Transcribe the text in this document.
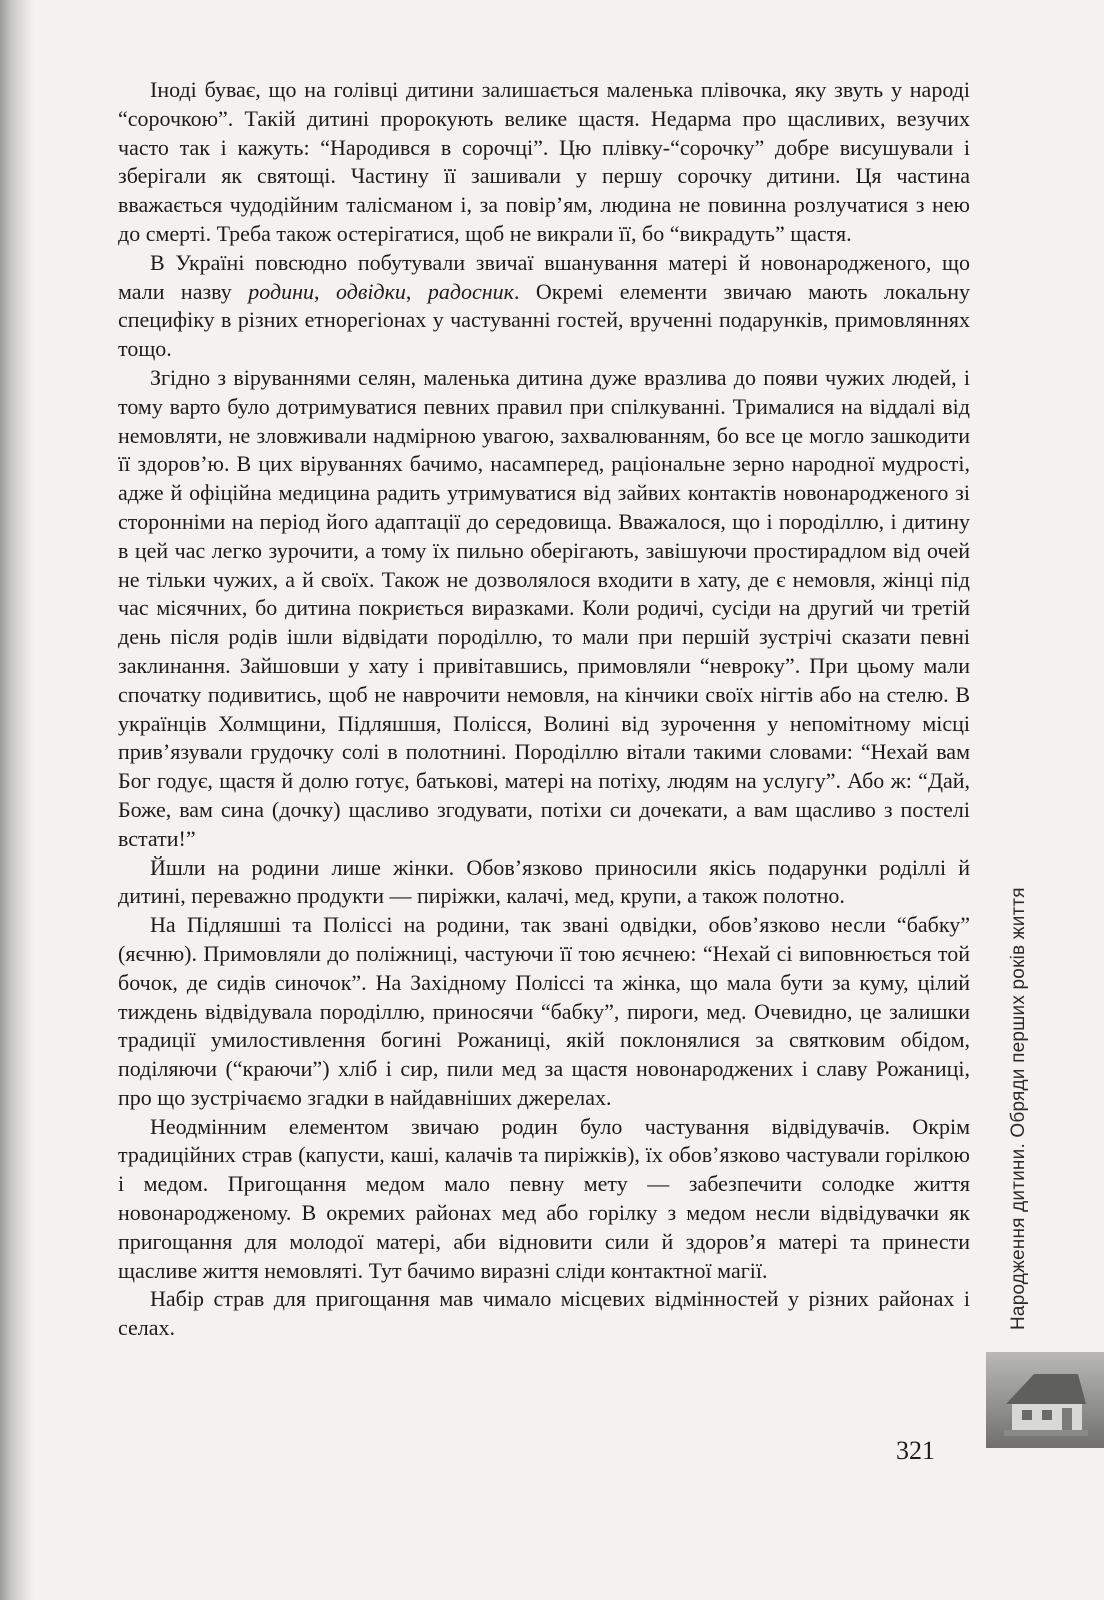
Іноді буває, що на голівці дитини залишається маленька плівочка, яку звуть у народі “сорочкою”. Такій дитині пророкують велике щастя. Недарма про щасливих, везучих часто так і кажуть: “Народився в сорочці”. Цю плівку-“сорочку” добре висушували і зберігали як святощі. Частину її зашивали у першу сорочку дитини. Ця частина вважається чудодійним талісманом і, за повір’ям, людина не повинна розлучатися з нею до смерті. Треба також остерігатися, щоб не викрали її, бо “викрадуть” щастя.

В Україні повсюдно побутували звичаї вшанування матері й новонародженого, що мали назву родини, одвідки, радосник. Окремі елементи звичаю мають локальну специфіку в різних етнорегіонах у частуванні гостей, врученні подарунків, примовляннях тощо.

Згідно з віруваннями селян, маленька дитина дуже вразлива до появи чужих людей, і тому варто було дотримуватися певних правил при спілкуванні. Трималися на віддалі від немовляти, не зловживали надмірною увагою, захвалюванням, бо все це могло зашкодити її здоров’ю. В цих віруваннях бачимо, насамперед, раціональне зерно народної мудрості, адже й офіційна медицина радить утримуватися від зайвих контактів новонародженого зі сторонніми на період його адаптації до середовища. Вважалося, що і породіллю, і дитину в цей час легко зурочити, а тому їх пильно оберігають, завішуючи простирадлом від очей не тільки чужих, а й своїх. Також не дозволялося входити в хату, де є немовля, жінці під час місячних, бо дитина покриється виразками. Коли родичі, сусіди на другий чи третій день після родів ішли відвідати породіллю, то мали при першій зустрічі сказати певні заклинання. Зайшовши у хату і привітавшись, примовляли “невроку”. При цьому мали спочатку подивитись, щоб не наврочити немовля, на кінчики своїх нігтів або на стелю. В українців Холмщини, Підляшшя, Полісся, Волині від зурочення у непомітному місці прив’язували грудочку солі в полотнині. Породіллю вітали такими словами: “Нехай вам Бог годує, щастя й долю готує, батькові, матері на потіху, людям на услугу”. Або ж: “Дай, Боже, вам сина (дочку) щасливо згодувати, потіхи си дочекати, а вам щасливо з постелі встати!”

Йшли на родини лише жінки. Обов’язково приносили якісь подарунки роділлі й дитині, переважно продукти — пиріжки, калачі, мед, крупи, а також полотно.

На Підляшші та Поліссі на родини, так звані одвідки, обов’язково несли “бабку” (яєчню). Примовляли до поліжниці, частуючи її тою яєчнею: “Нехай сі виповнюється той бочок, де сидів синочок”. На Західному Поліссі та жінка, що мала бути за куму, цілий тиждень відвідувала породіллю, приносячи “бабку”, пироги, мед. Очевидно, це залишки традиції умилостивлення богині Рожаниці, якій поклонялися за святковим обідом, поділяючи (“краючи”) хліб і сир, пили мед за щастя новонароджених і славу Рожаниці, про що зустрічаємо згадки в найдавніших джерелах.

Неодмінним елементом звичаю родин було частування відвідувачів. Окрім традиційних страв (капусти, каші, калачів та пиріжків), їх обов’язково частували горілкою і медом. Пригощання медом мало певну мету — забезпечити солодке життя новонародженому. В окремих районах мед або горілку з медом несли відвідувачки як пригощання для молодої матері, аби відновити сили й здоров’я матері та принести щасливе життя немовляті. Тут бачимо виразні сліди контактної магії.

Набір страв для пригощання мав чимало місцевих відмінностей у різних районах і селах.	Народження дитини. Обряди перших років життя
321
